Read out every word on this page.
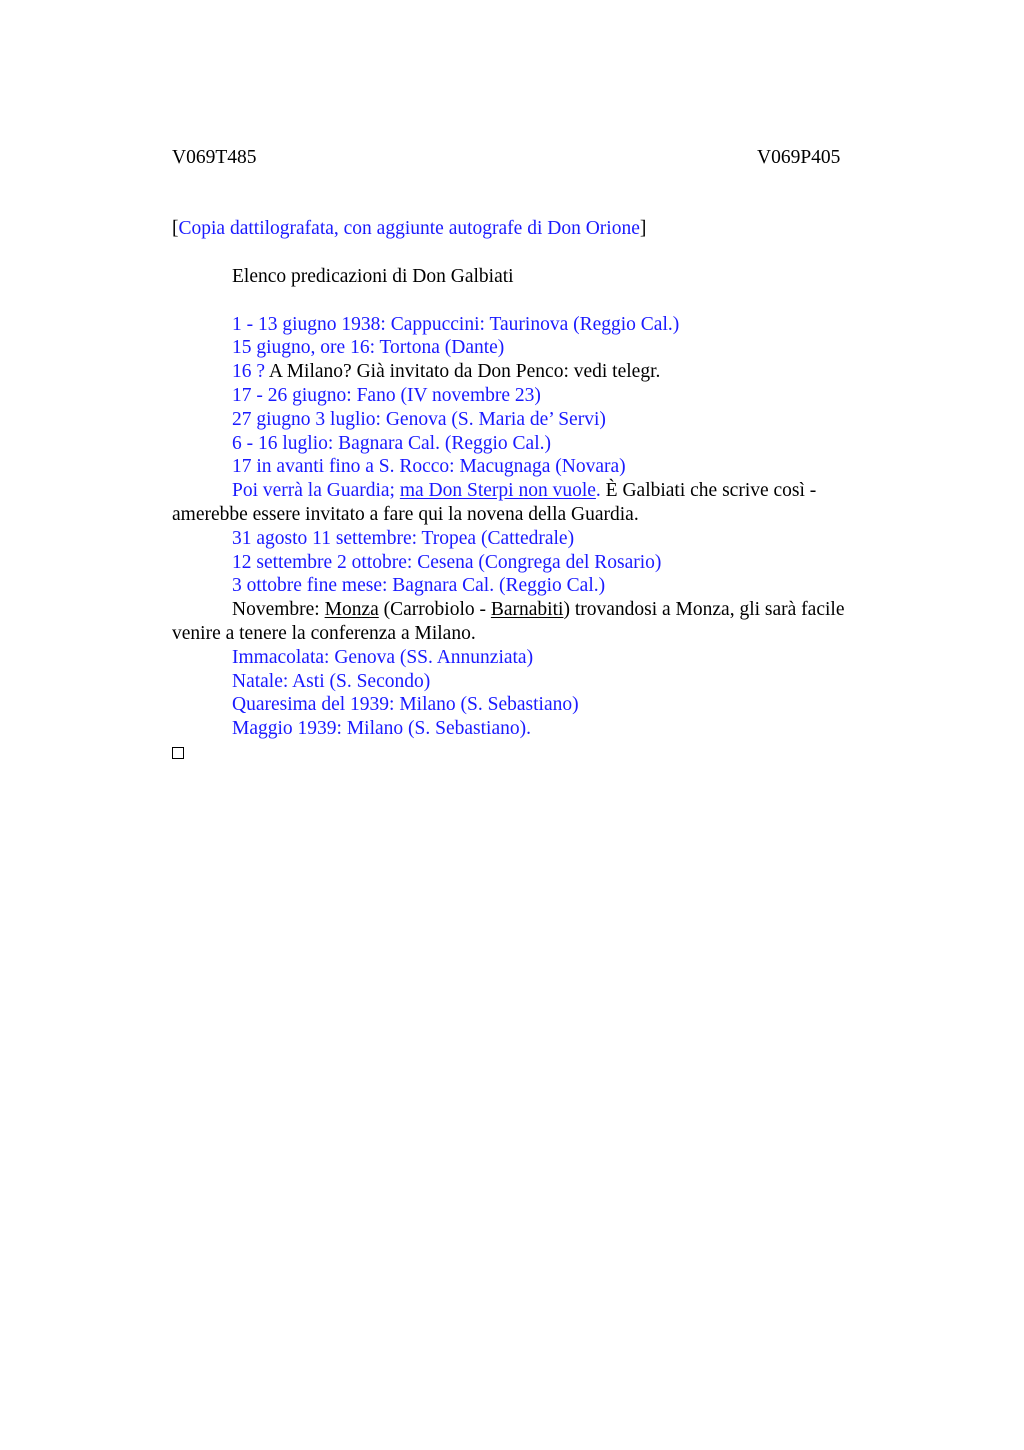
V069T485	V069P405

[Copia dattilografata, con aggiunte autografe di Don Orione]

Elenco predicazioni di Don Galbiati

1 - 13 giugno 1938: Cappuccini: Taurinova (Reggio Cal.)

15 giugno, ore 16: Tortona (Dante)

16 ? A Milano? Già invitato da Don Penco: vedi telegr.

17 - 26 giugno: Fano (IV novembre 23)

27 giugno 3 luglio: Genova (S. Maria de’ Servi)

6 - 16 luglio: Bagnara Cal. (Reggio Cal.)

17 in avanti fino a S. Rocco: Macugnaga (Novara)

Poi verrà la Guardia; ma Don Sterpi non vuole. È Galbiati che scrive così - amerebbe essere invitato a fare qui la novena della Guardia.

31 agosto 11 settembre: Tropea (Cattedrale)

12 settembre 2 ottobre: Cesena (Congrega del Rosario)

3 ottobre fine mese: Bagnara Cal. (Reggio Cal.)

Novembre: Monza (Carrobiolo - Barnabiti) trovandosi a Monza, gli sarà facile venire a tenere la conferenza a Milano.

Immacolata: Genova (SS. Annunziata)

Natale: Asti (S. Secondo)

Quaresima del 1939: Milano (S. Sebastiano)

Maggio 1939: Milano (S. Sebastiano).
